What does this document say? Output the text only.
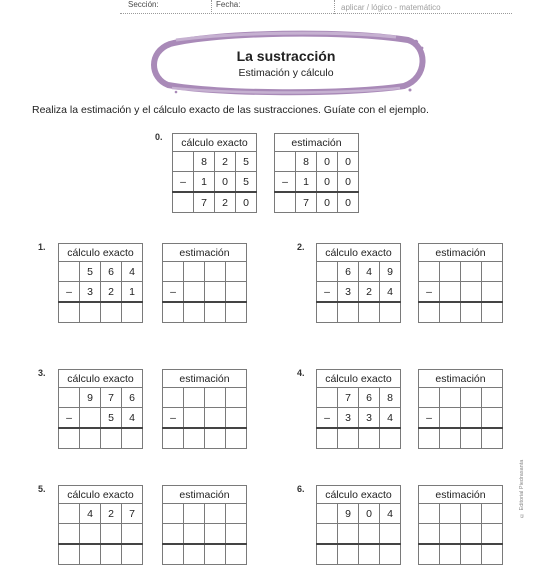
Sección:	Fecha:	aplicar / lógico - matemático
La sustracción
Estimación y cálculo
Realiza la estimación y el cálculo exacto de las sustracciones. Guíate con el ejemplo.
0. cálculo exacto			
	8	2	5
–	1	0	5
	7	2	0
estimación			
	8	0	0
–	1	0	0
	7	0	0
1. cálculo exacto			
	5	6	4
–	3	2	1

estimación			

–			

2. cálculo exacto			
	6	4	9
–	3	2	4

estimación			

–			

3. cálculo exacto			
	9	7	6
–		5	4

estimación			

–			

4. cálculo exacto			
	7	6	8
–	3	3	4

estimación			

–			

5. cálculo exacto			
	4	2	7

estimación			

				6. cálculo exacto			
	9	0	4

estimación			

				© Editorial Piedrasanta
